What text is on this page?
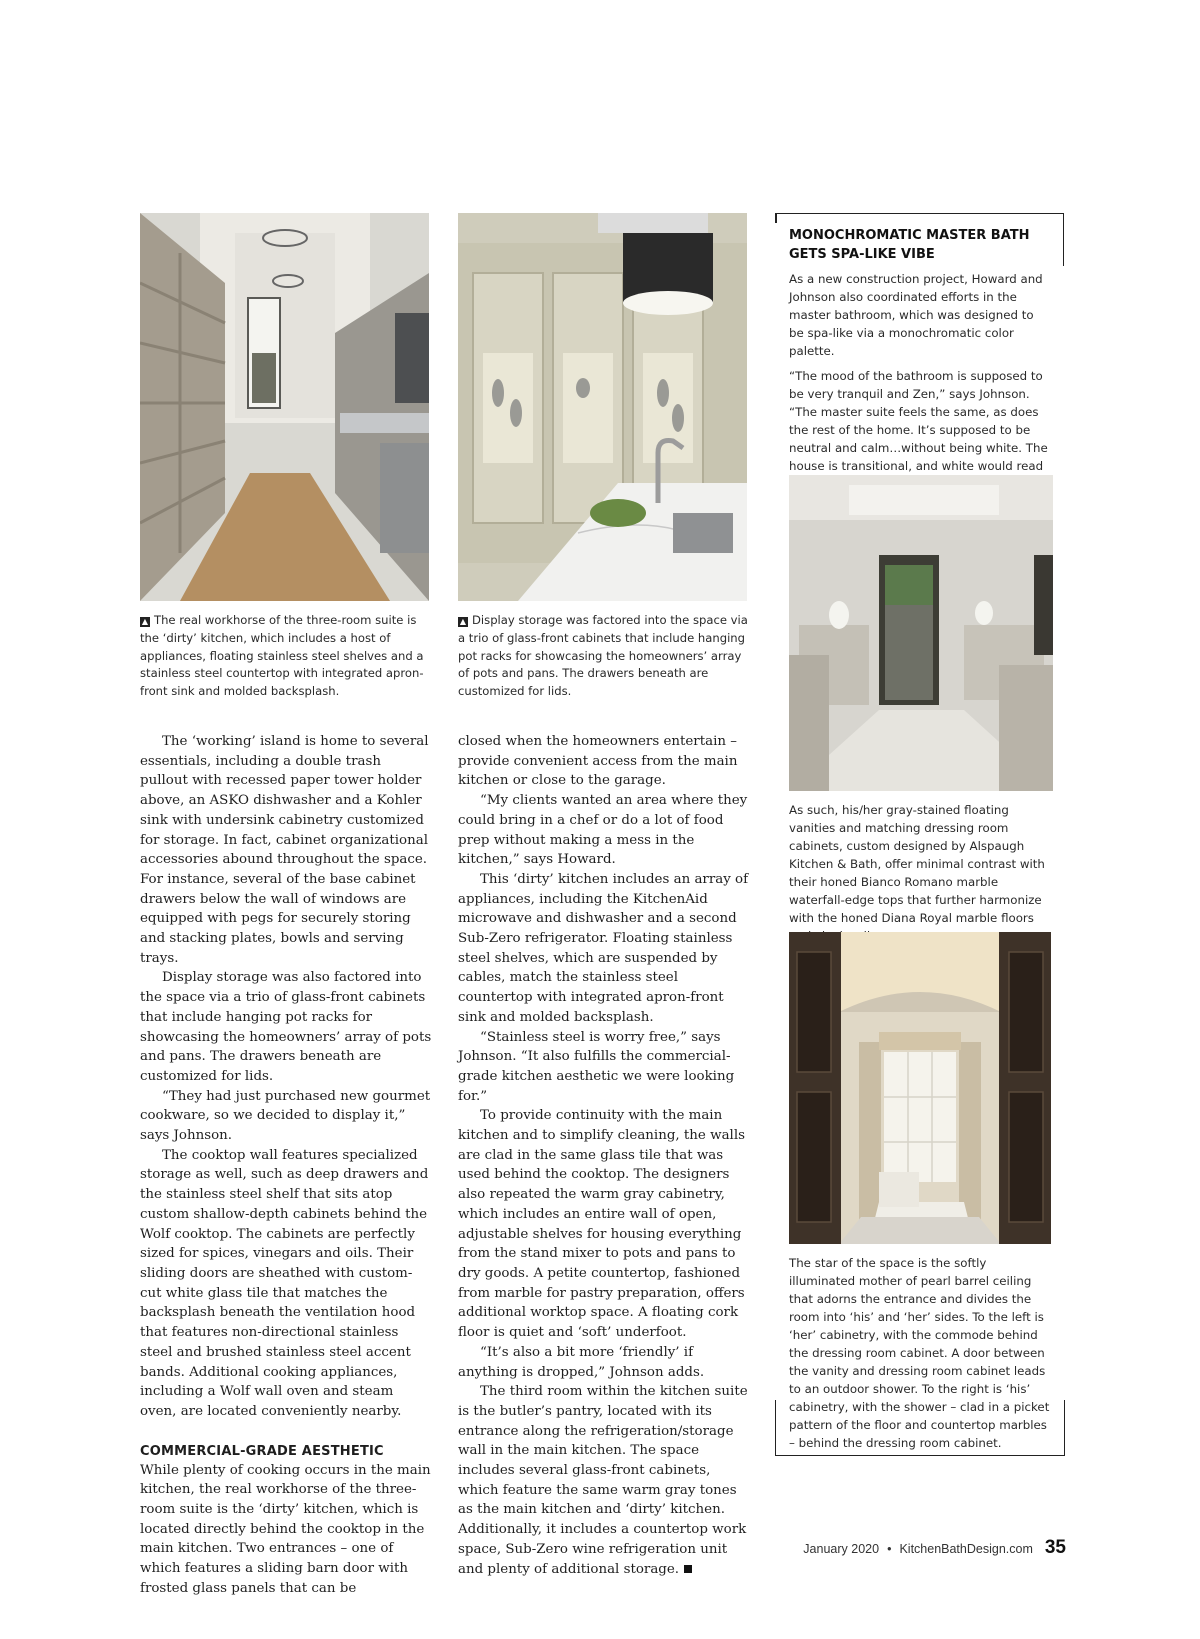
▲ The real workhorse of the three-room suite is the ‘dirty’ kitchen, which includes a host of appliances, floating stainless steel shelves and a stainless steel countertop with integrated apron-front sink and molded backsplash.

▲ Display storage was factored into the space via a trio of glass-front cabinets that include hanging pot racks for showcasing the homeowners’ array of pots and pans. The drawers beneath are customized for lids.

The ‘working’ island is home to several essentials, including a double trash pullout with recessed paper tower holder above, an ASKO dishwasher and a Kohler sink with undersink cabinetry customized for storage. In fact, cabinet organizational accessories abound throughout the space. For instance, several of the base cabinet drawers below the wall of windows are equipped with pegs for securely storing and stacking plates, bowls and serving trays.

Display storage was also factored into the space via a trio of glass-front cabinets that include hanging pot racks for showcasing the homeowners’ array of pots and pans. The drawers beneath are customized for lids.

“They had just purchased new gourmet cookware, so we decided to display it,” says Johnson.

The cooktop wall features specialized storage as well, such as deep drawers and the stainless steel shelf that sits atop custom shallow-depth cabinets behind the Wolf cooktop. The cabinets are perfectly sized for spices, vinegars and oils. Their sliding doors are sheathed with custom-cut white glass tile that matches the backsplash beneath the ventilation hood that features non-directional stainless steel and brushed stainless steel accent bands. Additional cooking appliances, including a Wolf wall oven and steam oven, are located conveniently nearby.

COMMERCIAL-GRADE AESTHETIC

While plenty of cooking occurs in the main kitchen, the real workhorse of the three-room suite is the ‘dirty’ kitchen, which is located directly behind the cooktop in the main kitchen. Two entrances – one of which features a sliding barn door with frosted glass panels that can be

closed when the homeowners entertain – provide convenient access from the main kitchen or close to the garage.

“My clients wanted an area where they could bring in a chef or do a lot of food prep without making a mess in the kitchen,” says Howard.

This ‘dirty’ kitchen includes an array of appliances, including the KitchenAid microwave and dishwasher and a second Sub-Zero refrigerator. Floating stainless steel shelves, which are suspended by cables, match the stainless steel countertop with integrated apron-front sink and molded backsplash.

“Stainless steel is worry free,” says Johnson. “It also fulfills the commercial-grade kitchen aesthetic we were looking for.”

To provide continuity with the main kitchen and to simplify cleaning, the walls are clad in the same glass tile that was used behind the cooktop. The designers also repeated the warm gray cabinetry, which includes an entire wall of open, adjustable shelves for housing everything from the stand mixer to pots and pans to dry goods. A petite countertop, fashioned from marble for pastry preparation, offers additional worktop space. A floating cork floor is quiet and ‘soft’ underfoot.

“It’s also a bit more ‘friendly’ if anything is dropped,” Johnson adds.

The third room within the kitchen suite is the butler’s pantry, located with its entrance along the refrigeration/storage wall in the main kitchen. The space includes several glass-front cabinets, which feature the same warm gray tones as the main kitchen and ‘dirty’ kitchen. Additionally, it includes a countertop work space, Sub-Zero wine refrigeration unit and plenty of additional storage.

MONOCHROMATIC MASTER BATH GETS SPA-LIKE VIBE

As a new construction project, Howard and Johnson also coordinated efforts in the master bathroom, which was designed to be spa-like via a monochromatic color palette.

“The mood of the bathroom is supposed to be very tranquil and Zen,” says Johnson. “The master suite feels the same, as does the rest of the home. It’s supposed to be neutral and calm…without being white. The house is transitional, and white would read

As such, his/her gray-stained floating vanities and matching dressing room cabinets, custom designed by Alspaugh Kitchen & Bath, offer minimal contrast with their honed Bianco Romano marble waterfall-edge tops that further harmonize with the honed Diana Royal marble floors

The star of the space is the softly illuminated mother of pearl barrel ceiling that adorns the entrance and divides the room into ‘his’ and ‘her’ sides. To the left is ‘her’ cabinetry, with the commode behind the dressing room cabinet. A door between the vanity and dressing room cabinet leads to an outdoor shower. To the right is ‘his’ cabinetry, with the shower – clad in a picket pattern of the floor and countertop marbles – behind the dressing room cabinet.

January 2020 • KitchenBathDesign.com 35
